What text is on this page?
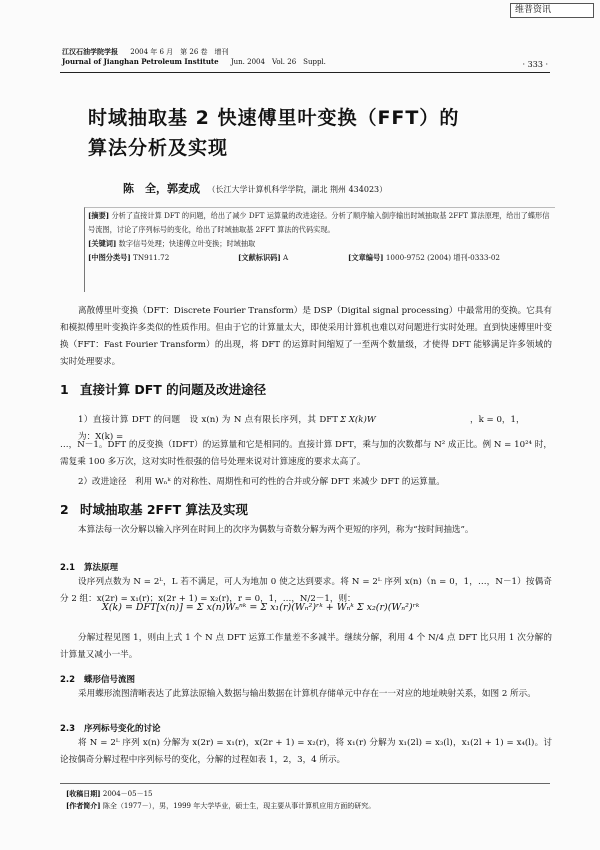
维普资讯
江汉石油学院学报 2004 年 6 月　第 26 卷　增刊
Journal of Jianghan Petroleum Institute Jun. 2004　Vol. 26　Suppl.	· 333 ·
时域抽取基 2 快速傅里叶变换（FFT）的
算法分析及实现
陈　全，郭麦成 （长江大学计算机科学学院，湖北 荆州 434023）
[摘要] 分析了直接计算 DFT 的问题，给出了减少 DFT 运算量的改进途径。分析了顺序输入倒序输出时域抽取基 2FFT 算法原理，给出了蝶形信号流图，讨论了序列标号的变化，给出了时域抽取基 2FFT 算法的代码实现。
[关键词] 数字信号处理；快速傅立叶变换；时域抽取
[中图分类号] TN911.72	[文献标识码] A	[文章编号] 1000-9752 (2004) 增刊-0333-02
离散傅里叶变换（DFT：Discrete Fourier Transform）是 DSP（Digital signal processing）中最常用的变换。它具有和模拟傅里叶变换许多类似的性质作用。但由于它的计算量太大，即使采用计算机也难以对问题进行实时处理。直到快速傅里叶变换（FFT：Fast Fourier Transform）的出现，将 DFT 的运算时间缩短了一至两个数量级，才使得 DFT 能够满足许多领域的实时处理要求。
1 直接计算 DFT 的问题及改进途径
1）直接计算 DFT 的问题　设 x(n) 为 N 点有限长序列，其 DFT 为：X(k) =
Σ X(k)W	，k = 0，1，
…，N－1。DFT 的反变换（IDFT）的运算量和它是相同的。直接计算 DFT，乘与加的次数都与 N² 成正比。例 N = 10²⁴ 时，需复乘 100 多万次，这对实时性很强的信号处理来说对计算速度的要求太高了。
2）改进途径　利用 Wₙᵏ 的对称性、周期性和可约性的合并或分解 DFT 来减少 DFT 的运算量。
2 时域抽取基 2FFT 算法及实现
本算法每一次分解以输入序列在时间上的次序为偶数与奇数分解为两个更短的序列，称为“按时间抽选”。
2.1 算法原理
设序列点数为 N = 2ᴸ，L 若不满足，可人为地加 0 使之达到要求。将 N = 2ᴸ 序列 x(n)（n = 0，1，…，N－1）按偶奇分 2 组：x(2r) = x₁(r)；x(2r + 1) = x₂(r)，r = 0，1，…，N/2－1，则：
X(k) = DFT[x(n)] = Σ x(n)Wₙⁿᵏ = Σ x₁(r)(Wₙ²)ʳᵏ + Wₙᵏ Σ x₂(r)(Wₙ²)ʳᵏ
分解过程见图 1，则由上式 1 个 N 点 DFT 运算工作量差不多减半。继续分解，利用 4 个 N/4 点 DFT 比只用 1 次分解的计算量又减小一半。
2.2 蝶形信号流图
采用蝶形流图清晰表达了此算法原输入数据与输出数据在计算机存储单元中存在一一对应的地址映射关系，如图 2 所示。
2.3 序列标号变化的讨论
将 N = 2ᴸ 序列 x(n) 分解为 x(2r) = x₁(r)，x(2r + 1) = x₂(r)，将 x₁(r) 分解为 x₁(2l) = x₃(l)，x₁(2l + 1) = x₄(l)。讨论按偶奇分解过程中序列标号的变化，分解的过程如表 1，2，3，4 所示。
[收稿日期] 2004－05－15
[作者简介] 陈全（1977－），男，1999 年大学毕业，硕士生，现主要从事计算机应用方面的研究。
